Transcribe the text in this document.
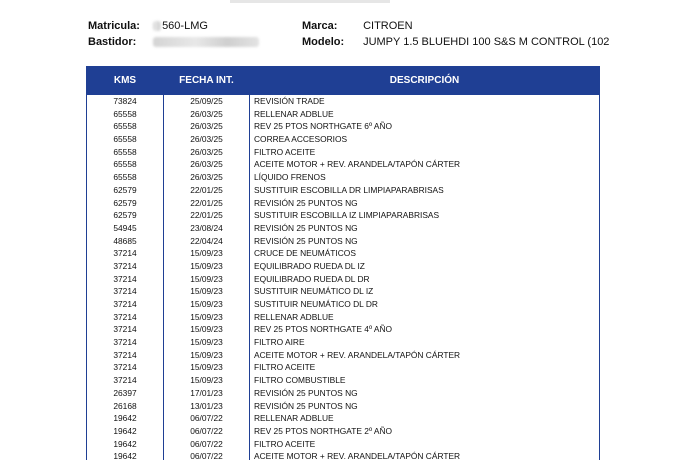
Matricula: 560-LMG
Bastidor:
Marca: CITROEN
Modelo: JUMPY 1.5 BLUEHDI 100 S&S M CONTROL (102
KMS	FECHA INT.	DESCRIPCIÓN
73824	25/09/25	REVISIÓN TRADE
65558	26/03/25	RELLENAR ADBLUE
65558	26/03/25	REV 25 PTOS NORTHGATE 6º AÑO
65558	26/03/25	CORREA ACCESORIOS
65558	26/03/25	FILTRO ACEITE
65558	26/03/25	ACEITE MOTOR + REV. ARANDELA/TAPÓN CÁRTER
65558	26/03/25	LÍQUIDO FRENOS
62579	22/01/25	SUSTITUIR ESCOBILLA DR LIMPIAPARABRISAS
62579	22/01/25	REVISIÓN 25 PUNTOS NG
62579	22/01/25	SUSTITUIR ESCOBILLA IZ LIMPIAPARABRISAS
54945	23/08/24	REVISIÓN 25 PUNTOS NG
48685	22/04/24	REVISIÓN 25 PUNTOS NG
37214	15/09/23	CRUCE DE NEUMÁTICOS
37214	15/09/23	EQUILIBRADO RUEDA DL IZ
37214	15/09/23	EQUILIBRADO RUEDA DL DR
37214	15/09/23	SUSTITUIR NEUMÁTICO DL IZ
37214	15/09/23	SUSTITUIR NEUMÁTICO DL DR
37214	15/09/23	RELLENAR ADBLUE
37214	15/09/23	REV 25 PTOS NORTHGATE 4º AÑO
37214	15/09/23	FILTRO AIRE
37214	15/09/23	ACEITE MOTOR + REV. ARANDELA/TAPÓN CÁRTER
37214	15/09/23	FILTRO ACEITE
37214	15/09/23	FILTRO COMBUSTIBLE
26397	17/01/23	REVISIÓN 25 PUNTOS NG
26168	13/01/23	REVISIÓN 25 PUNTOS NG
19642	06/07/22	RELLENAR ADBLUE
19642	06/07/22	REV 25 PTOS NORTHGATE 2º AÑO
19642	06/07/22	FILTRO ACEITE
19642	06/07/22	ACEITE MOTOR + REV. ARANDELA/TAPÓN CÁRTER
